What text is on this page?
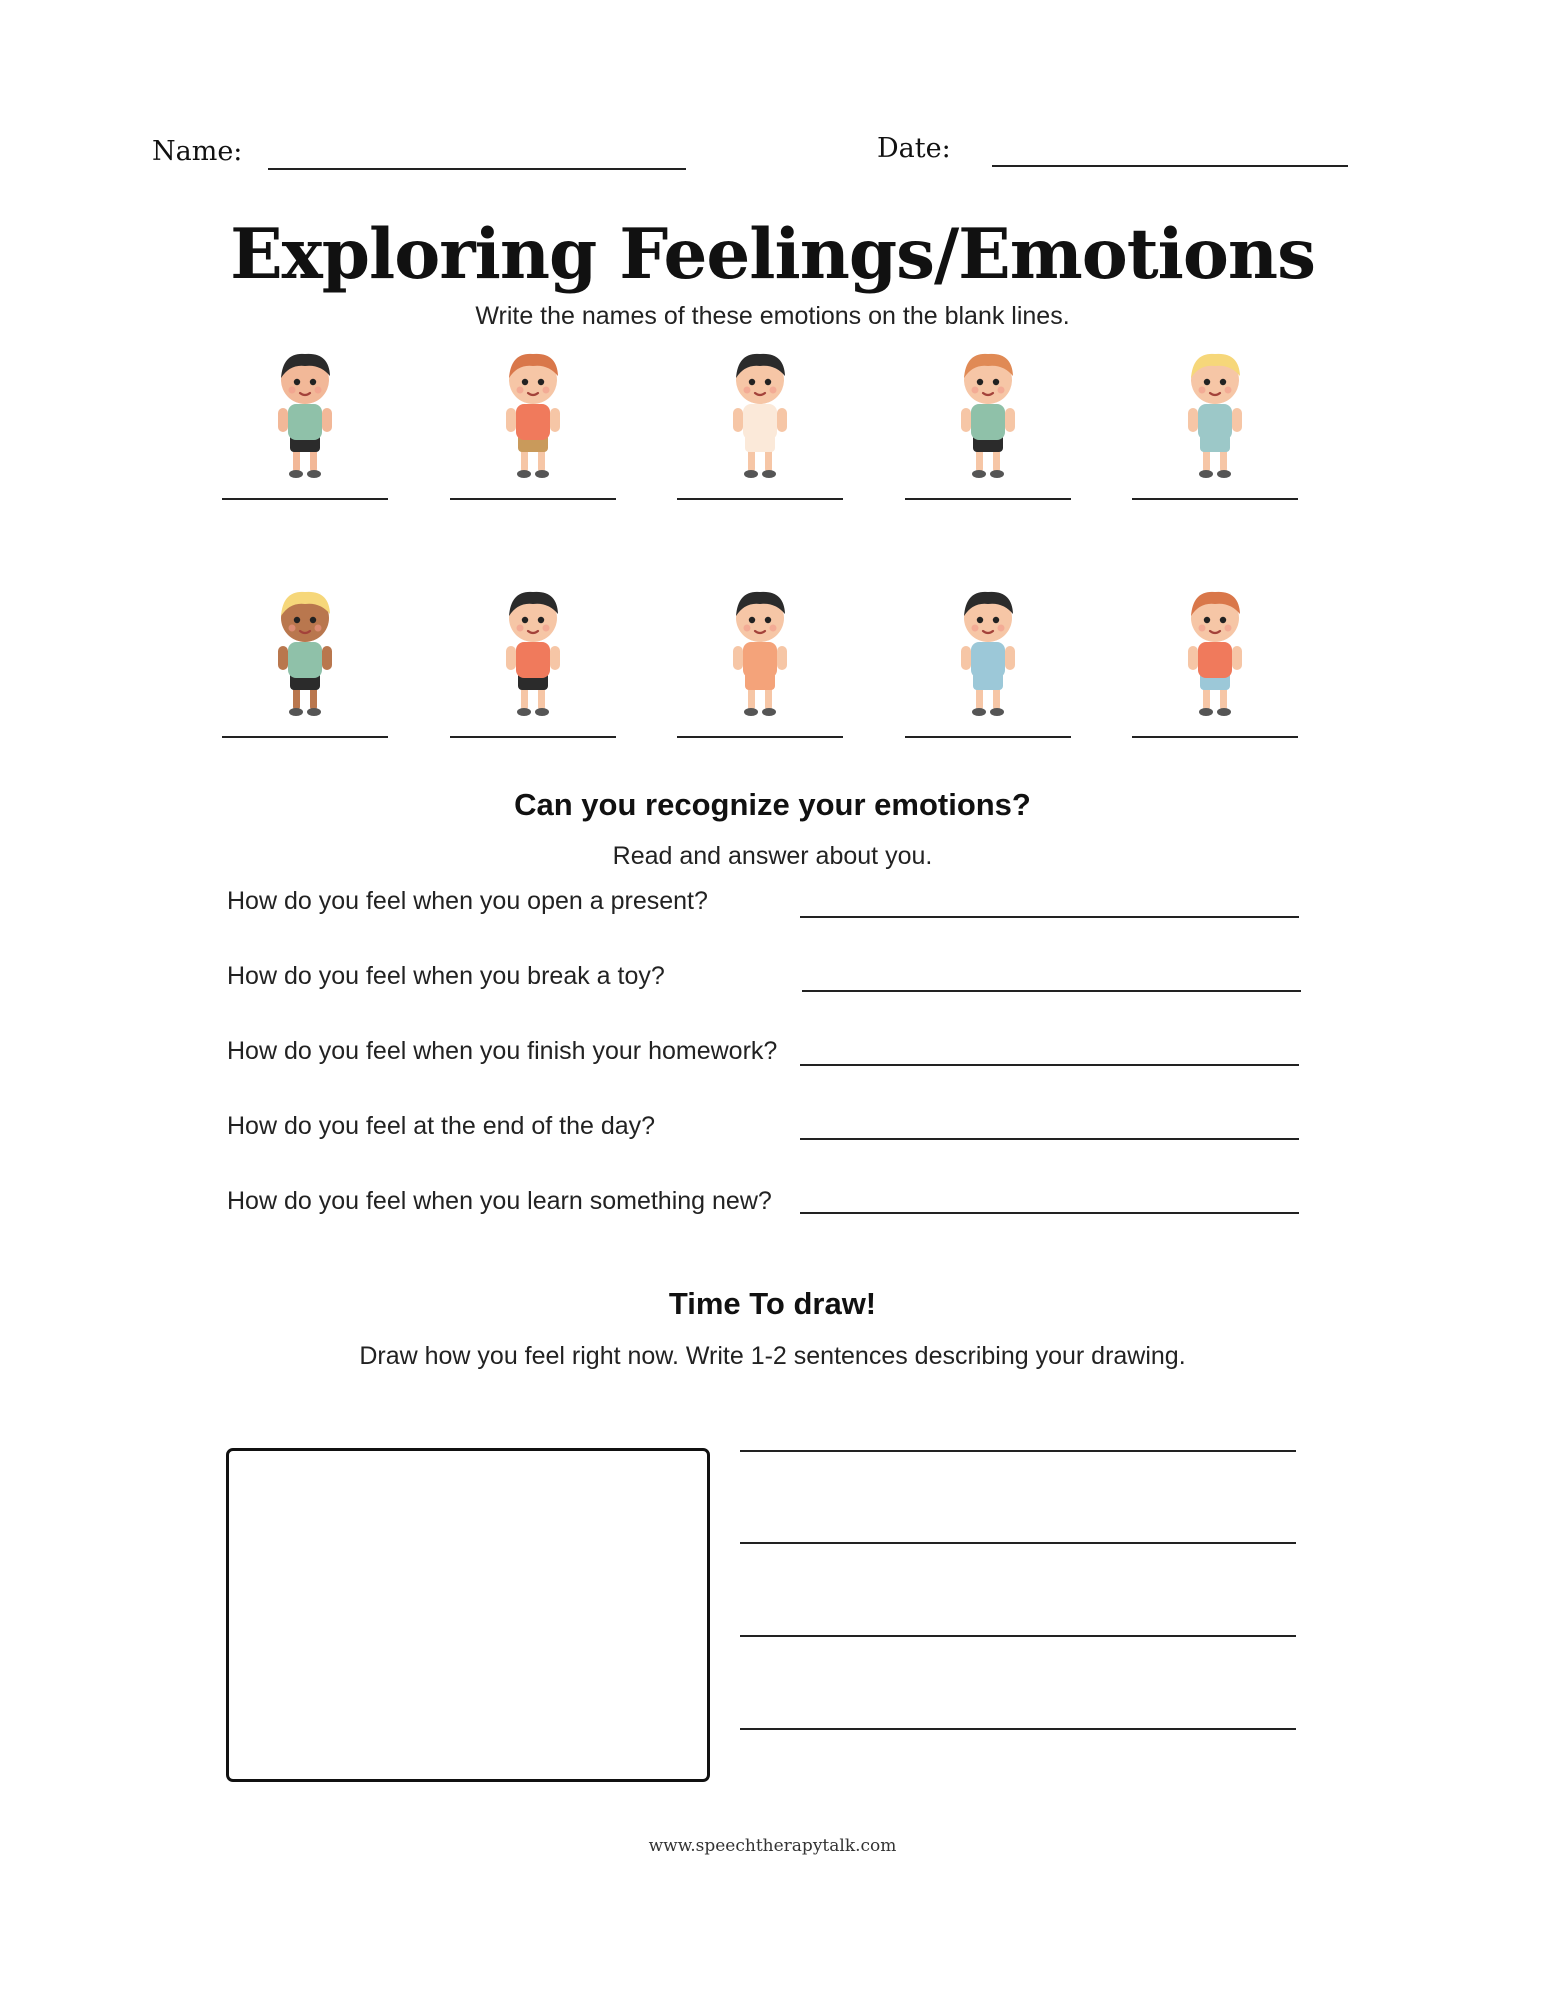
Name:	Date:
Exploring Feelings/Emotions
Write the names of these emotions on the blank lines.
Can you recognize your emotions?
Read and answer about you.
How do you feel when you open a present?
How do you feel when you break a toy?
How do you feel when you finish your homework?
How do you feel at the end of the day?
How do you feel when you learn something new?
Time To draw!
Draw how you feel right now. Write 1-2 sentences describing your drawing.
www.speechtherapytalk.com
